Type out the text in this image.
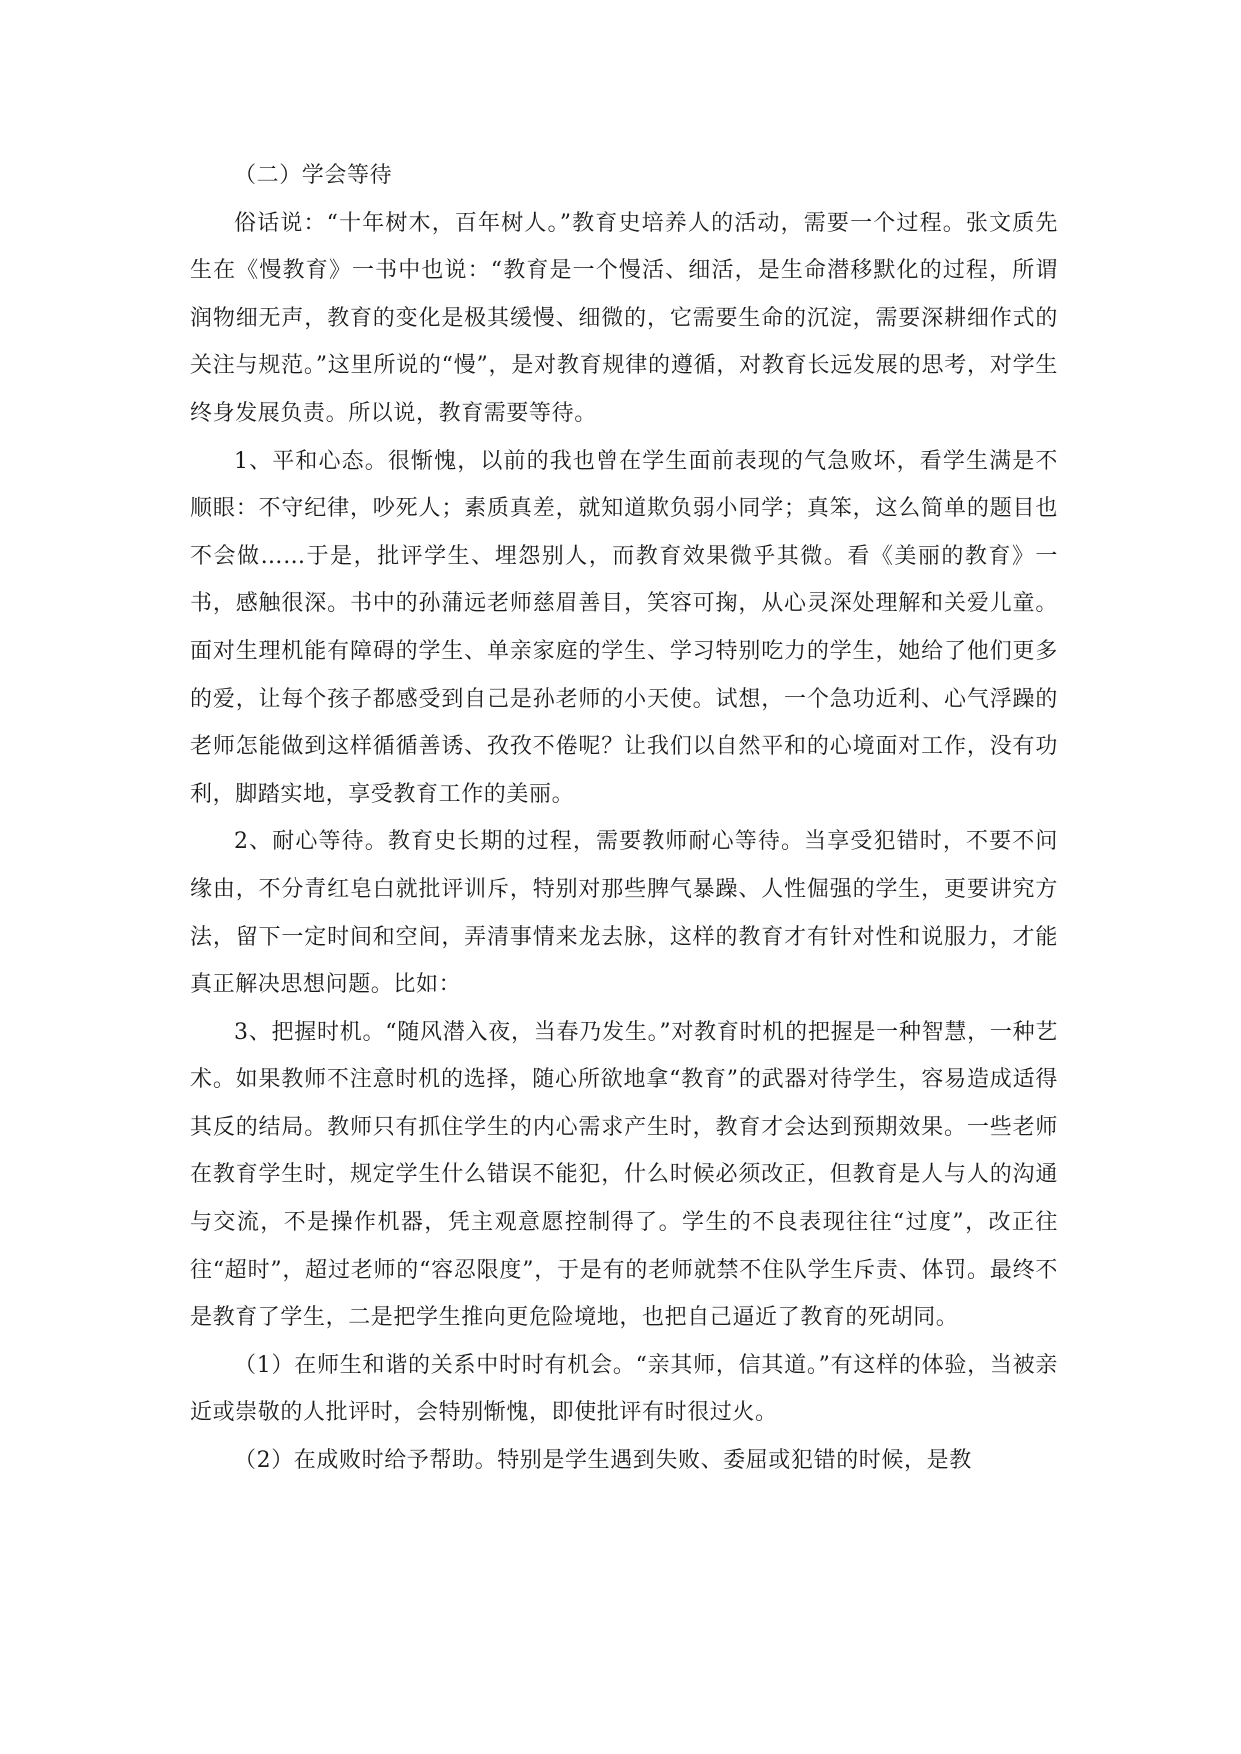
（二）学会等待

俗话说：“十年树木，百年树人。”教育史培养人的活动，需要一个过程。张文质先生在《慢教育》一书中也说：“教育是一个慢活、细活，是生命潜移默化的过程，所谓润物细无声，教育的变化是极其缓慢、细微的，它需要生命的沉淀，需要深耕细作式的关注与规范。”这里所说的“慢”，是对教育规律的遵循，对教育长远发展的思考，对学生终身发展负责。所以说，教育需要等待。

1、平和心态。很惭愧，以前的我也曾在学生面前表现的气急败坏，看学生满是不顺眼：不守纪律，吵死人；素质真差，就知道欺负弱小同学；真笨，这么简单的题目也不会做……于是，批评学生、埋怨别人，而教育效果微乎其微。看《美丽的教育》一书，感触很深。书中的孙蒲远老师慈眉善目，笑容可掬，从心灵深处理解和关爱儿童。面对生理机能有障碍的学生、单亲家庭的学生、学习特别吃力的学生，她给了他们更多的爱，让每个孩子都感受到自己是孙老师的小天使。试想，一个急功近利、心气浮躁的老师怎能做到这样循循善诱、孜孜不倦呢？让我们以自然平和的心境面对工作，没有功利，脚踏实地，享受教育工作的美丽。

2、耐心等待。教育史长期的过程，需要教师耐心等待。当享受犯错时，不要不问缘由，不分青红皂白就批评训斥，特别对那些脾气暴躁、人性倔强的学生，更要讲究方法，留下一定时间和空间，弄清事情来龙去脉，这样的教育才有针对性和说服力，才能真正解决思想问题。比如：

3、把握时机。“随风潜入夜，当春乃发生。”对教育时机的把握是一种智慧，一种艺术。如果教师不注意时机的选择，随心所欲地拿“教育”的武器对待学生，容易造成适得其反的结局。教师只有抓住学生的内心需求产生时，教育才会达到预期效果。一些老师在教育学生时，规定学生什么错误不能犯，什么时候必须改正，但教育是人与人的沟通与交流，不是操作机器，凭主观意愿控制得了。学生的不良表现往往“过度”，改正往往“超时”，超过老师的“容忍限度”，于是有的老师就禁不住队学生斥责、体罚。最终不是教育了学生，二是把学生推向更危险境地，也把自己逼近了教育的死胡同。

（1）在师生和谐的关系中时时有机会。“亲其师，信其道。”有这样的体验，当被亲近或崇敬的人批评时，会特别惭愧，即使批评有时很过火。

（2）在成败时给予帮助。特别是学生遇到失败、委屈或犯错的时候，是教
